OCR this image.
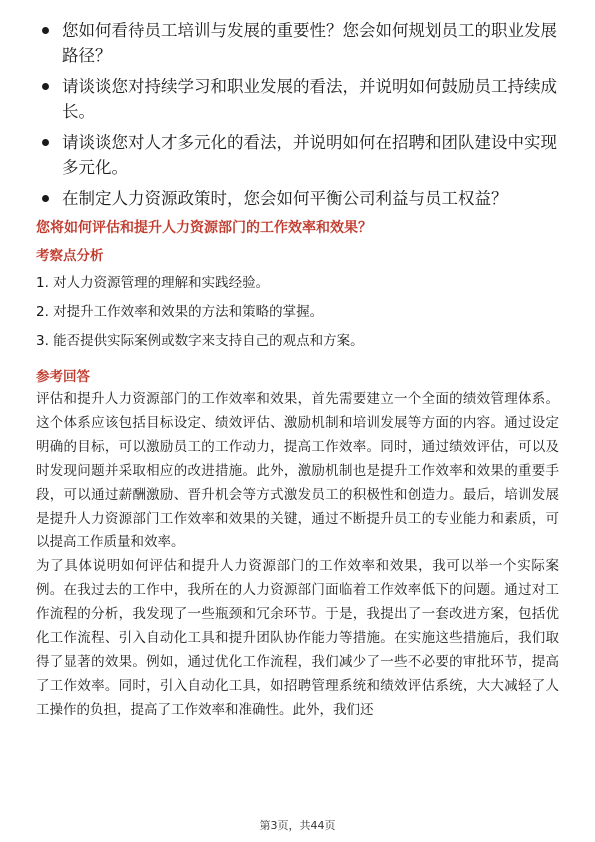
您如何看待员工培训与发展的重要性？您会如何规划员工的职业发展路径？
请谈谈您对持续学习和职业发展的看法，并说明如何鼓励员工持续成长。
请谈谈您对人才多元化的看法，并说明如何在招聘和团队建设中实现多元化。
在制定人力资源政策时，您会如何平衡公司利益与员工权益？
您将如何评估和提升人力资源部门的工作效率和效果？
考察点分析
1. 对人力资源管理的理解和实践经验。
2. 对提升工作效率和效果的方法和策略的掌握。
3. 能否提供实际案例或数字来支持自己的观点和方案。
参考回答

评估和提升人力资源部门的工作效率和效果，首先需要建立一个全面的绩效管理体系。这个体系应该包括目标设定、绩效评估、激励机制和培训发展等方面的内容。通过设定明确的目标，可以激励员工的工作动力，提高工作效率。同时，通过绩效评估，可以及时发现问题并采取相应的改进措施。此外，激励机制也是提升工作效率和效果的重要手段，可以通过薪酬激励、晋升机会等方式激发员工的积极性和创造力。最后，培训发展是提升人力资源部门工作效率和效果的关键，通过不断提升员工的专业能力和素质，可以提高工作质量和效率。

为了具体说明如何评估和提升人力资源部门的工作效率和效果，我可以举一个实际案例。在我过去的工作中，我所在的人力资源部门面临着工作效率低下的问题。通过对工作流程的分析，我发现了一些瓶颈和冗余环节。于是，我提出了一套改进方案，包括优化工作流程、引入自动化工具和提升团队协作能力等措施。在实施这些措施后，我们取得了显著的效果。例如，通过优化工作流程，我们减少了一些不必要的审批环节，提高了工作效率。同时，引入自动化工具，如招聘管理系统和绩效评估系统，大大减轻了人工操作的负担，提高了工作效率和准确性。此外，我们还

第3页，共44页
